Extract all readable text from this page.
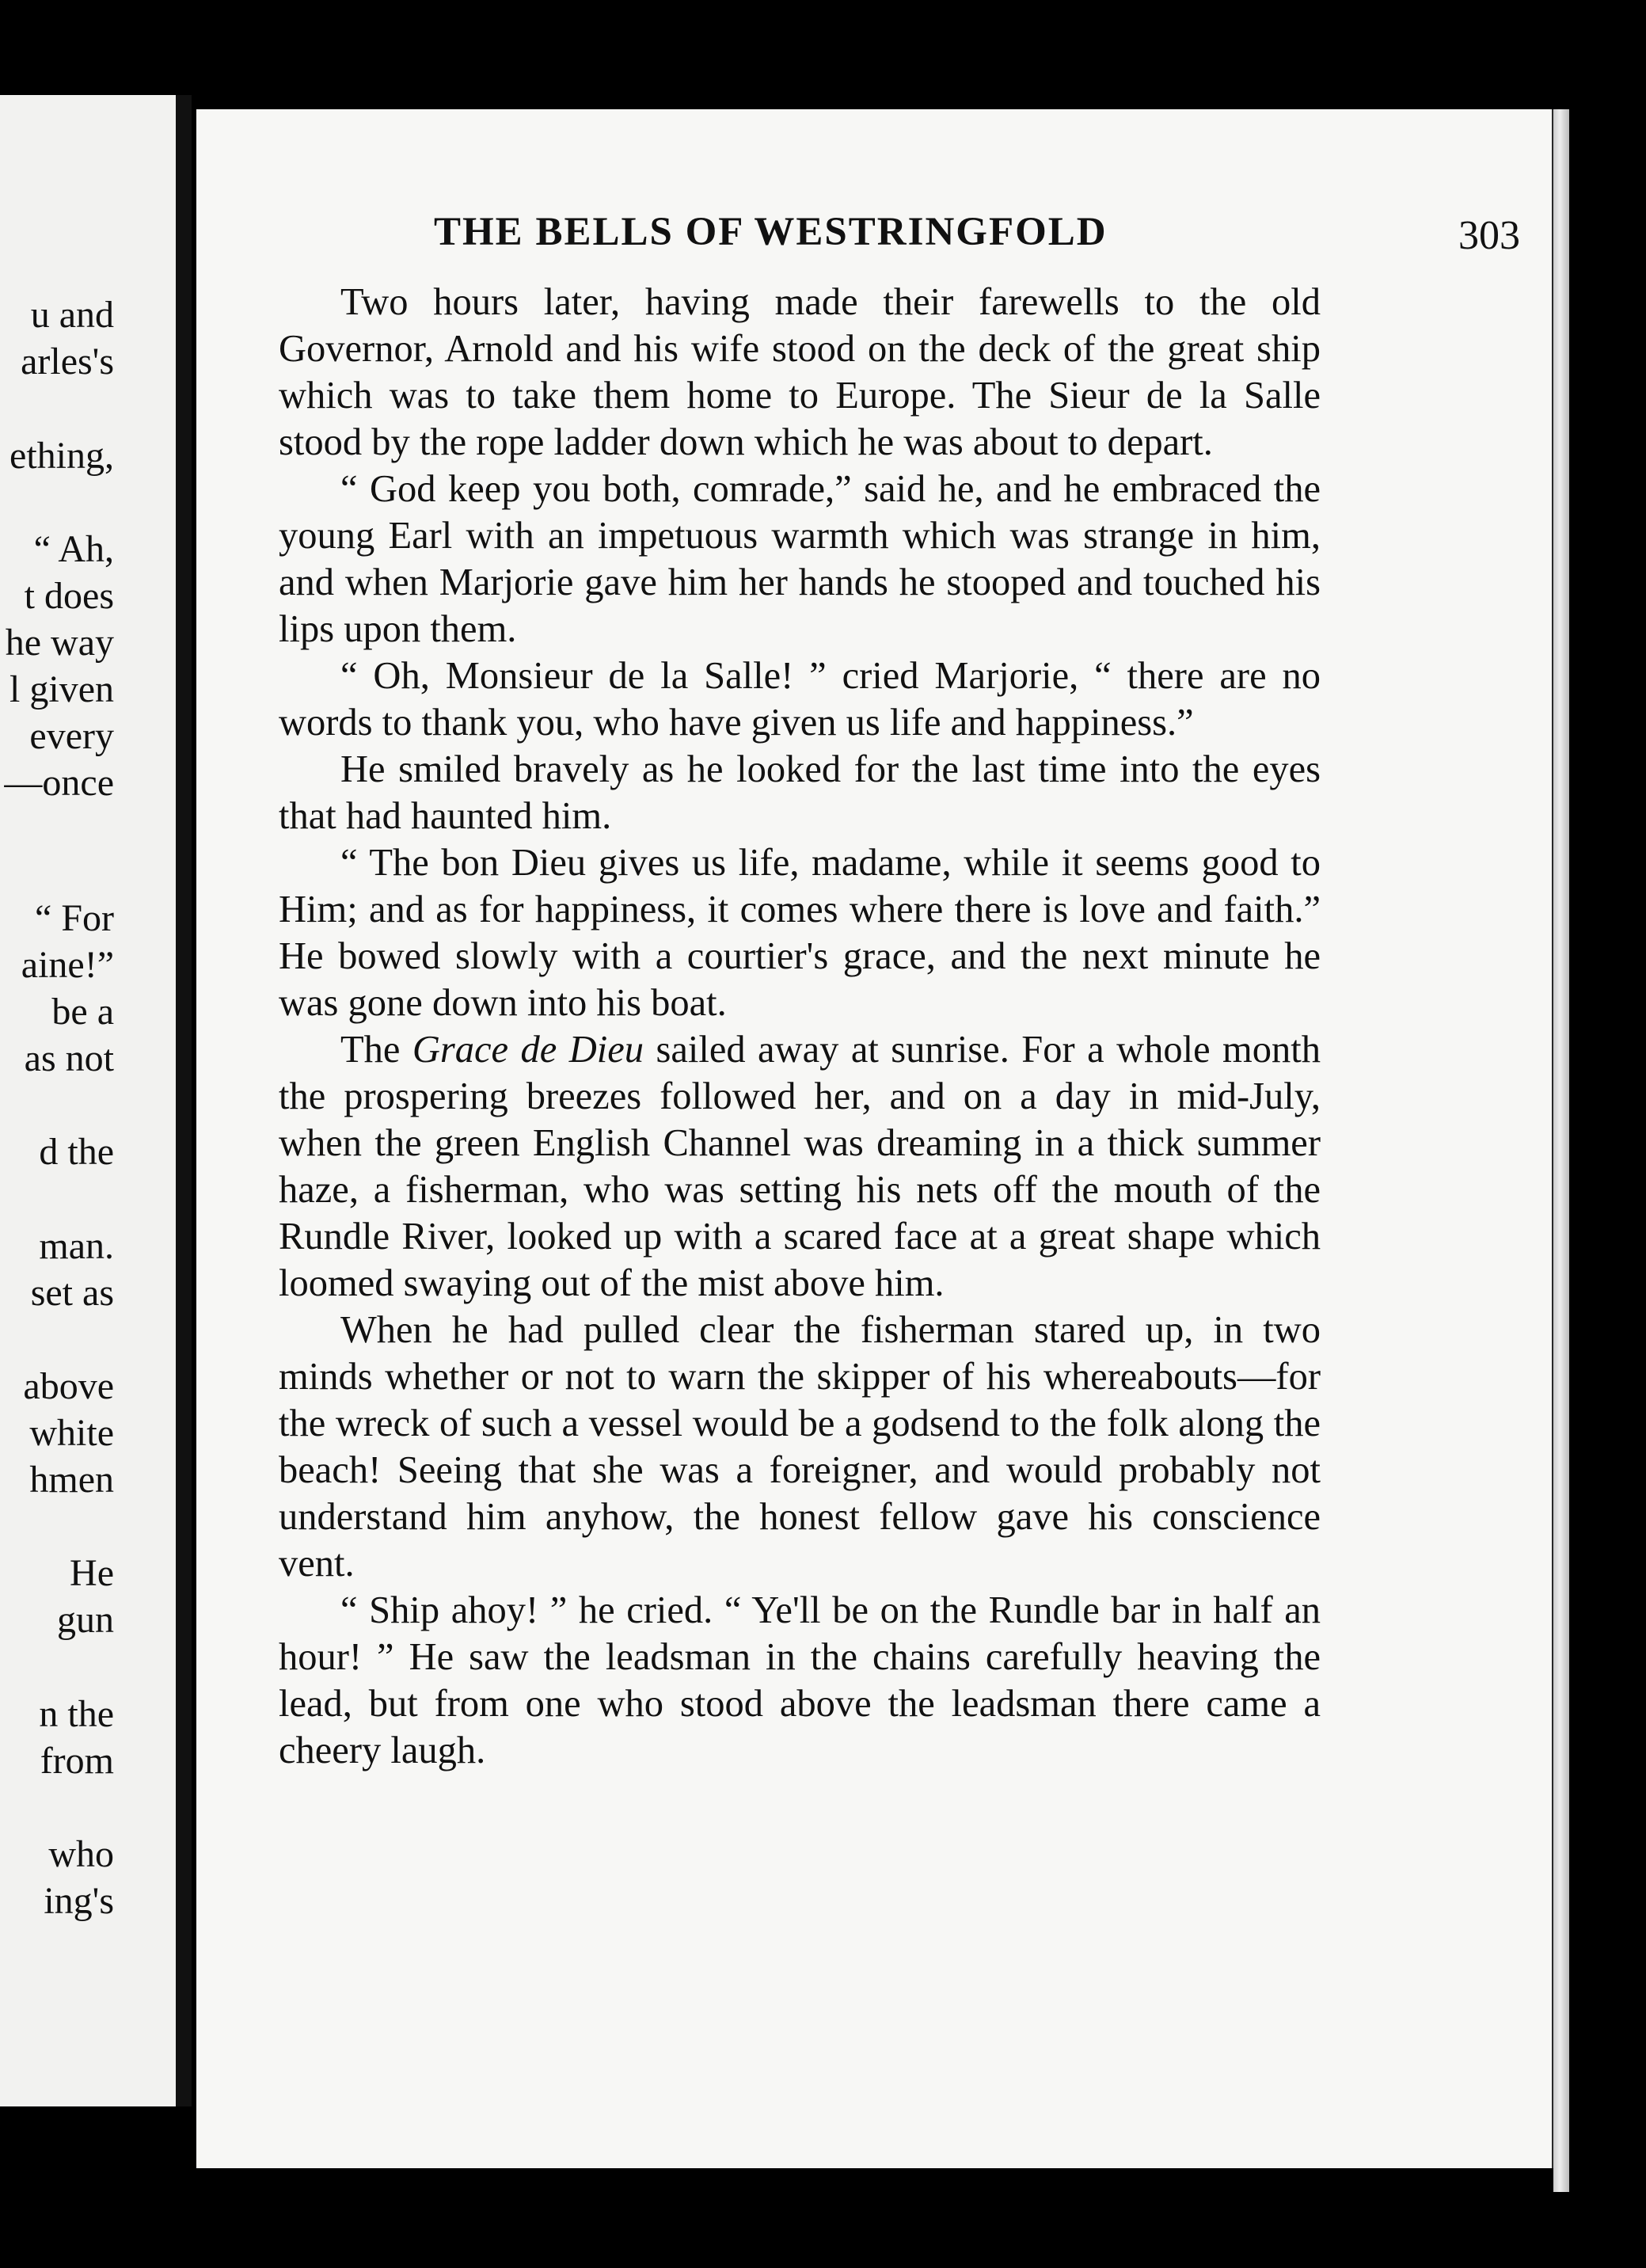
u and
arles's
ething,
“ Ah,
t does
he way
l given
every
—once
“ For
aine!”
be a
as not
d the
man.
set as
above
white
hmen
He
gun
n the
from
who
ing's
THE BELLS OF WESTRINGFOLD	303

Two hours later, having made their farewells to the old Governor, Arnold and his wife stood on the deck of the great ship which was to take them home to Europe. The Sieur de la Salle stood by the rope ladder down which he was about to depart.

“ God keep you both, comrade,” said he, and he embraced the young Earl with an impetuous warmth which was strange in him, and when Marjorie gave him her hands he stooped and touched his lips upon them.

“ Oh, Monsieur de la Salle! ” cried Marjorie, “ there are no words to thank you, who have given us life and happiness.”

He smiled bravely as he looked for the last time into the eyes that had haunted him.

“ The bon Dieu gives us life, madame, while it seems good to Him; and as for happiness, it comes where there is love and faith.” He bowed slowly with a courtier's grace, and the next minute he was gone down into his boat.

The Grace de Dieu sailed away at sunrise. For a whole month the prospering breezes followed her, and on a day in mid-July, when the green English Channel was dreaming in a thick summer haze, a fisherman, who was setting his nets off the mouth of the Rundle River, looked up with a scared face at a great shape which loomed swaying out of the mist above him.

When he had pulled clear the fisherman stared up, in two minds whether or not to warn the skipper of his whereabouts—for the wreck of such a vessel would be a godsend to the folk along the beach! Seeing that she was a foreigner, and would probably not understand him anyhow, the honest fellow gave his conscience vent.

“ Ship ahoy! ” he cried. “ Ye'll be on the Rundle bar in half an hour! ” He saw the leadsman in the chains carefully heaving the lead, but from one who stood above the leadsman there came a cheery laugh.
